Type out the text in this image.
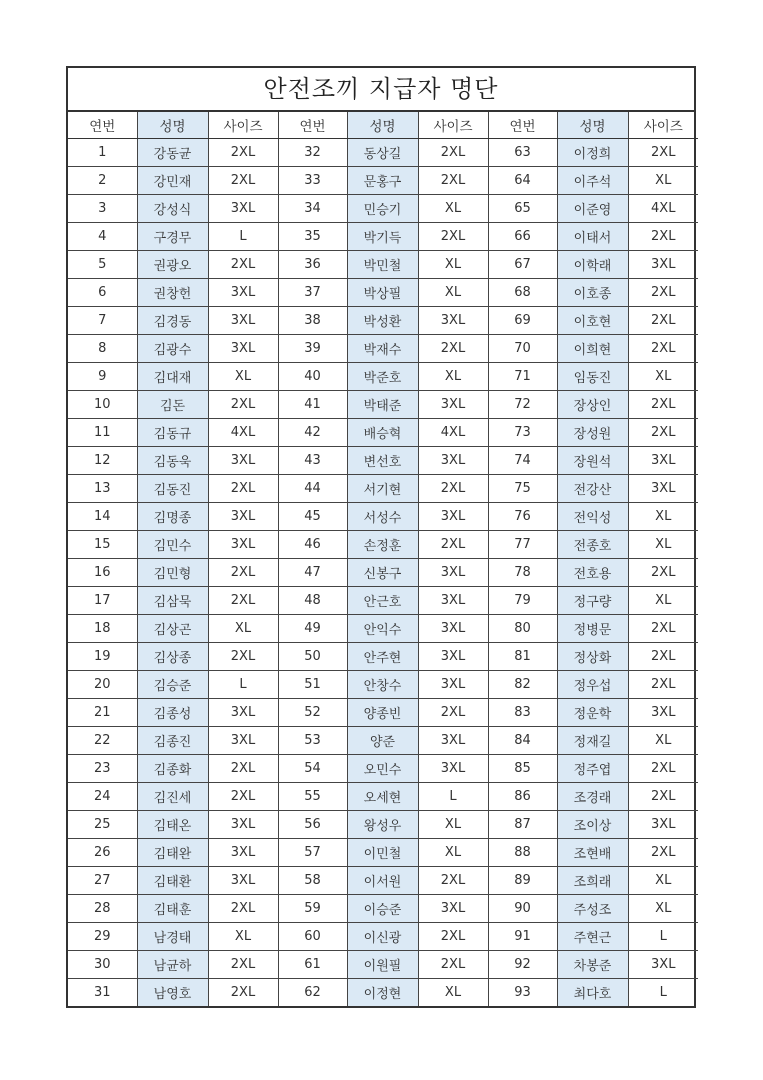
안전조끼 지급자 명단
연번	성명	사이즈	연번	성명	사이즈	연번	성명	사이즈
1	강동균	2XL	32	동상길	2XL	63	이정희	2XL
2	강민재	2XL	33	문홍구	2XL	64	이주석	XL
3	강성식	3XL	34	민승기	XL	65	이준영	4XL
4	구경무	L	35	박기득	2XL	66	이태서	2XL
5	권광오	2XL	36	박민철	XL	67	이학래	3XL
6	권창헌	3XL	37	박상필	XL	68	이호종	2XL
7	김경동	3XL	38	박성환	3XL	69	이호현	2XL
8	김광수	3XL	39	박재수	2XL	70	이희현	2XL
9	김대재	XL	40	박준호	XL	71	임동진	XL
10	김돈	2XL	41	박태준	3XL	72	장상인	2XL
11	김동규	4XL	42	배승혁	4XL	73	장성원	2XL
12	김동욱	3XL	43	변선호	3XL	74	장원석	3XL
13	김동진	2XL	44	서기현	2XL	75	전강산	3XL
14	김명종	3XL	45	서성수	3XL	76	전익성	XL
15	김민수	3XL	46	손정훈	2XL	77	전종호	XL
16	김민형	2XL	47	신봉구	3XL	78	전호용	2XL
17	김삼묵	2XL	48	안근호	3XL	79	정구량	XL
18	김상곤	XL	49	안익수	3XL	80	정병문	2XL
19	김상종	2XL	50	안주현	3XL	81	정상화	2XL
20	김승준	L	51	안창수	3XL	82	정우섭	2XL
21	김종성	3XL	52	양종빈	2XL	83	정운학	3XL
22	김종진	3XL	53	양준	3XL	84	정재길	XL
23	김종화	2XL	54	오민수	3XL	85	정주엽	2XL
24	김진세	2XL	55	오세현	L	86	조경래	2XL
25	김태온	3XL	56	왕성우	XL	87	조이상	3XL
26	김태완	3XL	57	이민철	XL	88	조현배	2XL
27	김태환	3XL	58	이서원	2XL	89	조희래	XL
28	김태훈	2XL	59	이승준	3XL	90	주성조	XL
29	남경태	XL	60	이신광	2XL	91	주현근	L
30	남균하	2XL	61	이원필	2XL	92	차봉준	3XL
31	남영호	2XL	62	이정현	XL	93	최다호	L
